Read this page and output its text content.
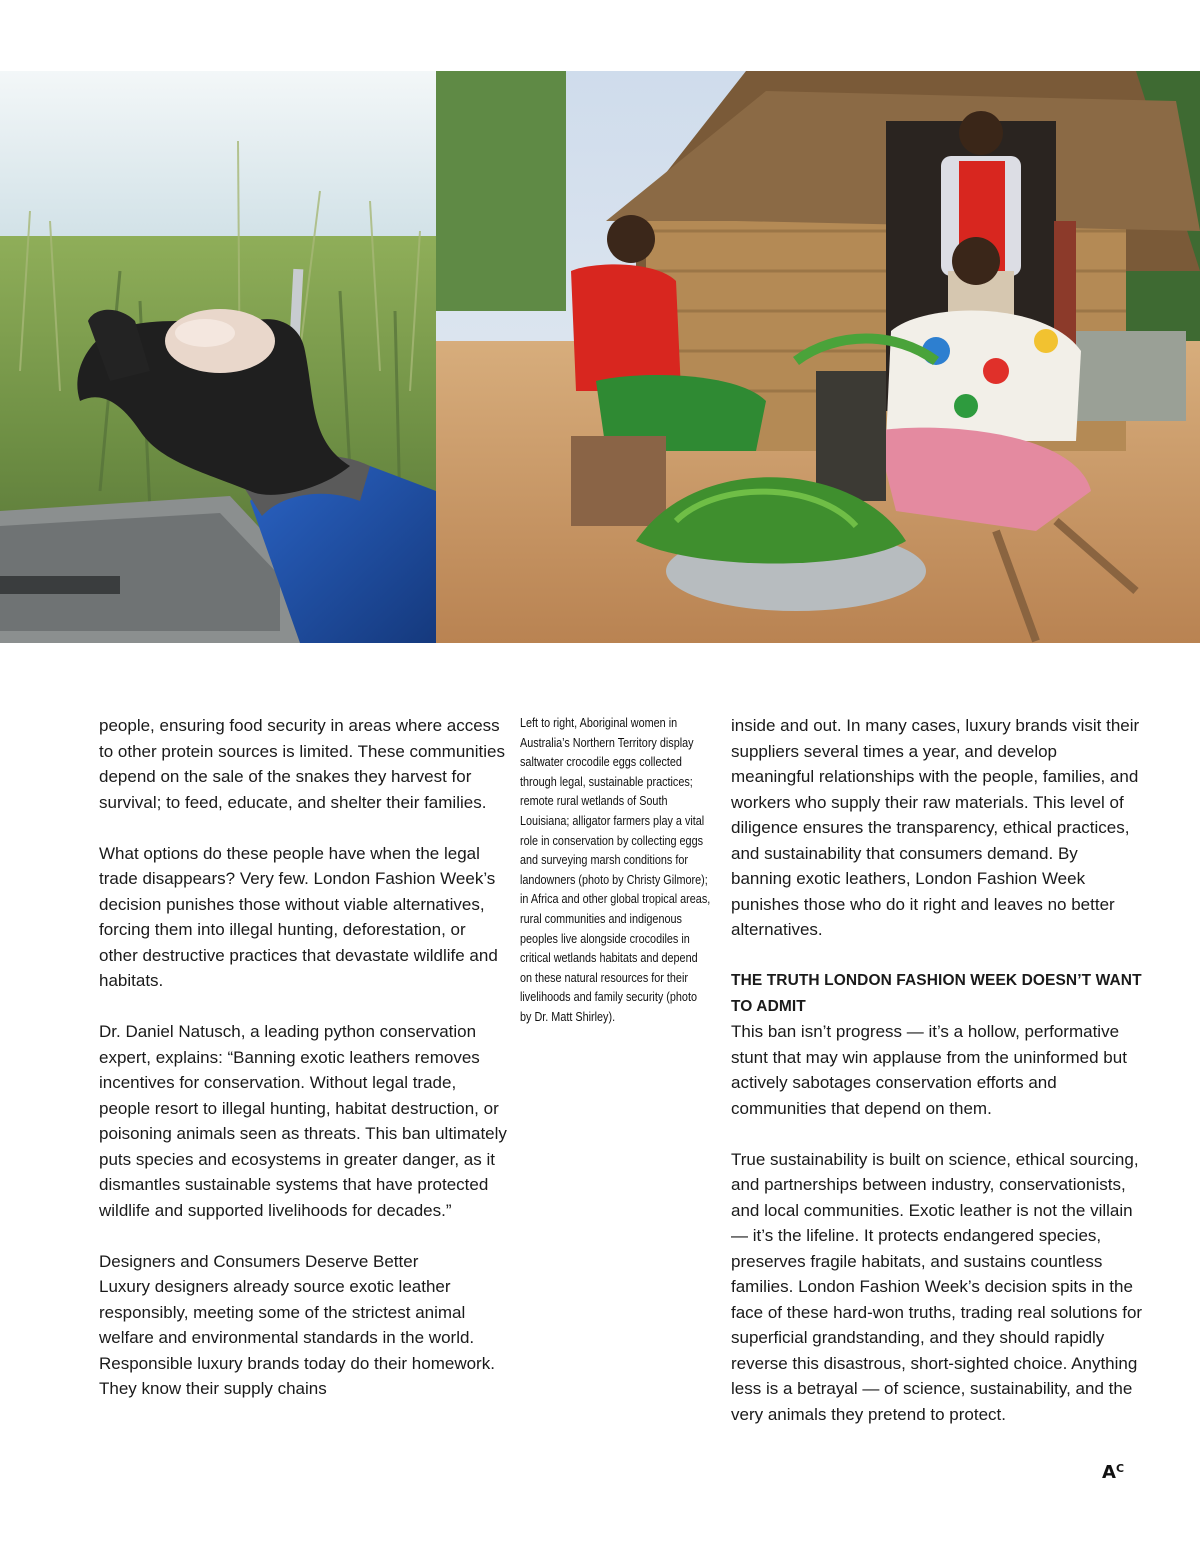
people, ensuring food security in areas where access to other protein sources is limited. These communities depend on the sale of the snakes they harvest for survival; to feed, educate, and shelter their families.

What options do these people have when the legal trade disappears? Very few. London Fashion Week’s decision punishes those without viable alternatives, forcing them into illegal hunting, deforestation, or other destructive practices that devastate wildlife and habitats.

Dr. Daniel Natusch, a leading python conservation expert, explains: “Banning exotic leathers removes incentives for conservation. Without legal trade, people resort to illegal hunting, habitat destruction, or poisoning animals seen as threats. This ban ultimately puts species and ecosystems in greater danger, as it dismantles sustainable systems that have protected wildlife and supported livelihoods for decades.”

Designers and Consumers Deserve Better

Luxury designers already source exotic leather responsibly, meeting some of the strictest animal welfare and environmental standards in the world. Responsible luxury brands today do their homework. They know their supply chains

Left to right, Aboriginal women in Australia’s Northern Territory display saltwater crocodile eggs collected through legal, sustainable practices; remote rural wetlands of South Louisiana; alligator farmers play a vital role in conservation by collecting eggs and surveying marsh conditions for landowners (photo by Christy Gilmore); in Africa and other global tropical areas, rural communities and indigenous peoples live alongside crocodiles in critical wetlands habitats and depend on these natural resources for their livelihoods and family security (photo by Dr. Matt Shirley).

inside and out. In many cases, luxury brands visit their suppliers several times a year, and develop meaningful relationships with the people, families, and workers who supply their raw materials. This level of diligence ensures the transparency, ethical practices, and sustainability that consumers demand. By banning exotic leathers, London Fashion Week punishes those who do it right and leaves no better alternatives.

THE TRUTH LONDON FASHION WEEK DOESN’T WANT TO ADMIT

This ban isn’t progress — it’s a hollow, performative stunt that may win applause from the uninformed but actively sabotages conservation efforts and communities that depend on them.

True sustainability is built on science, ethical sourcing, and partnerships between industry, conservationists, and local communities. Exotic leather is not the villain — it’s the lifeline. It protects endangered species, preserves fragile habitats, and sustains countless families. London Fashion Week’s decision spits in the face of these hard-won truths, trading real solutions for superficial grandstanding, and they should rapidly reverse this disastrous, short-sighted choice. Anything less is a betrayal — of science, sustainability, and the very animals they pretend to protect.

$A^C$
